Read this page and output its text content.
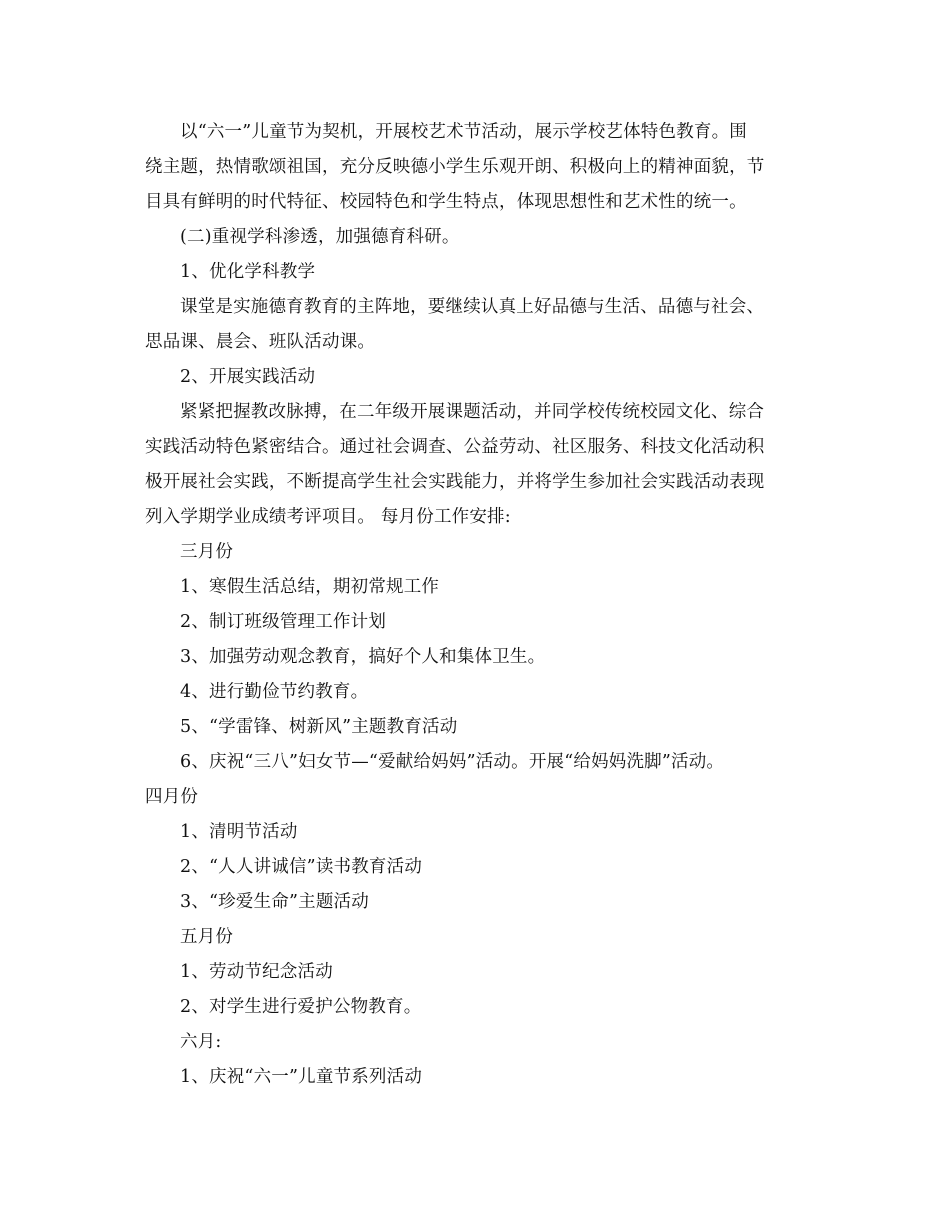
以“六一”儿童节为契机，开展校艺术节活动，展示学校艺体特色教育。围
绕主题，热情歌颂祖国，充分反映德小学生乐观开朗、积极向上的精神面貌，节
目具有鲜明的时代特征、校园特色和学生特点，体现思想性和艺术性的统一。
(二)重视学科渗透，加强德育科研。
1、优化学科教学
课堂是实施德育教育的主阵地，要继续认真上好品德与生活、品德与社会、
思品课、晨会、班队活动课。
2、开展实践活动
紧紧把握教改脉搏，在二年级开展课题活动，并同学校传统校园文化、综合
实践活动特色紧密结合。通过社会调查、公益劳动、社区服务、科技文化活动积
极开展社会实践，不断提高学生社会实践能力，并将学生参加社会实践活动表现
列入学期学业成绩考评项目。 每月份工作安排:
三月份
1、寒假生活总结，期初常规工作
2、制订班级管理工作计划
3、加强劳动观念教育，搞好个人和集体卫生。
4、进行勤俭节约教育。
5、“学雷锋、树新风”主题教育活动
6、庆祝“三八”妇女节—“爱献给妈妈”活动。开展“给妈妈洗脚”活动。
四月份
1、清明节活动
2、“人人讲诚信”读书教育活动
3、“珍爱生命”主题活动
五月份
1、劳动节纪念活动
2、对学生进行爱护公物教育。
六月:
1、庆祝“六一”儿童节系列活动
